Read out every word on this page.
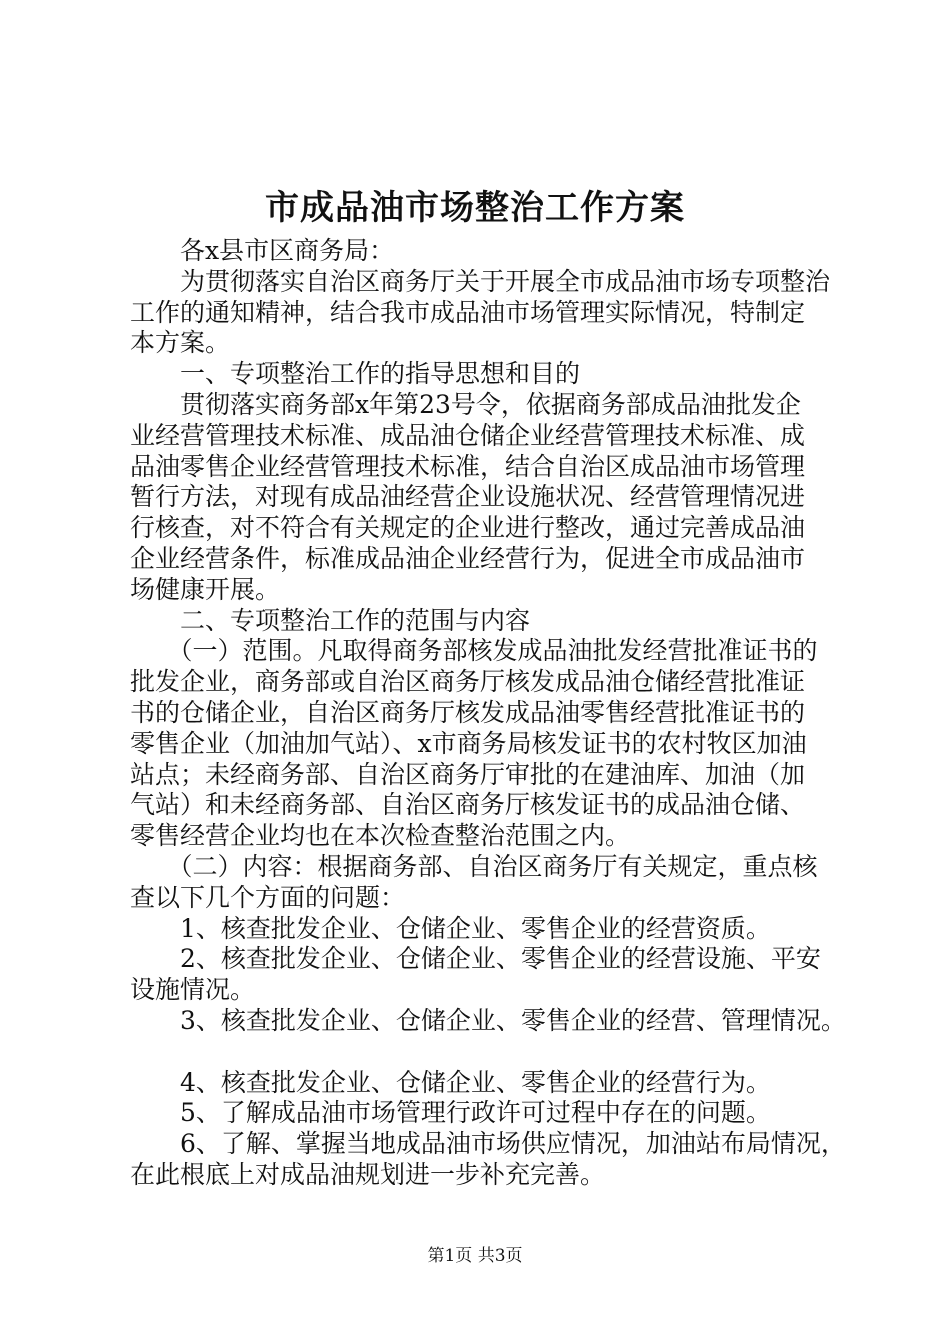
市成品油市场整治工作方案
　　各x县市区商务局：
　　为贯彻落实自治区商务厅关于开展全市成品油市场专项整治
工作的通知精神，结合我市成品油市场管理实际情况，特制定
本方案。
　　一、专项整治工作的指导思想和目的
　　贯彻落实商务部x年第23号令，依据商务部成品油批发企
业经营管理技术标准、成品油仓储企业经营管理技术标准、成
品油零售企业经营管理技术标准，结合自治区成品油市场管理
暂行方法，对现有成品油经营企业设施状况、经营管理情况进
行核查，对不符合有关规定的企业进行整改，通过完善成品油
企业经营条件，标准成品油企业经营行为，促进全市成品油市
场健康开展。
　　二、专项整治工作的范围与内容
　　（一）范围。凡取得商务部核发成品油批发经营批准证书的
批发企业，商务部或自治区商务厅核发成品油仓储经营批准证
书的仓储企业，自治区商务厅核发成品油零售经营批准证书的
零售企业（加油加气站）、x市商务局核发证书的农村牧区加油
站点；未经商务部、自治区商务厅审批的在建油库、加油（加
气站）和未经商务部、自治区商务厅核发证书的成品油仓储、
零售经营企业均也在本次检查整治范围之内。
　　（二）内容：根据商务部、自治区商务厅有关规定，重点核
查以下几个方面的问题：
　　1、核查批发企业、仓储企业、零售企业的经营资质。
　　2、核查批发企业、仓储企业、零售企业的经营设施、平安
设施情况。
　　3、核查批发企业、仓储企业、零售企业的经营、管理情况。
　　4、核查批发企业、仓储企业、零售企业的经营行为。
　　5、了解成品油市场管理行政许可过程中存在的问题。
　　6、了解、掌握当地成品油市场供应情况，加油站布局情况，
在此根底上对成品油规划进一步补充完善。
第1页 共3页
